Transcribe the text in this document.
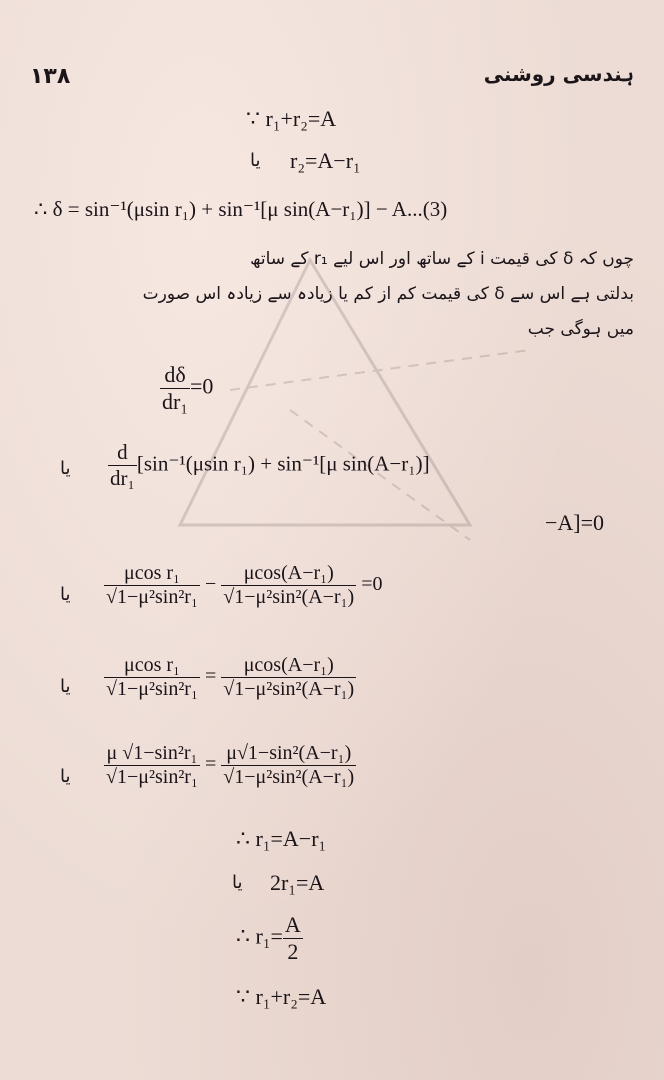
۱۳۸	ہندسی روشنی
∵ r₁+r₂=A
یا r₂=A−r₁
∴ δ = sin⁻¹(μsin r₁) + sin⁻¹[μ sin(A−r₁)] − A...(3)
چوں کہ δ کی قیمت i کے ساتھ اور اس لیے r₁ کے ساتھ
بدلتی ہے اس سے δ کی قیمت کم از کم یا زیادہ سے زیادہ اس صورت
میں ہوگی جب
$\frac{d\delta}{\text{dr₁}} =0$
یا $\frac{d}{\text{dr₁}} [\sin^{-1}(\mu\sin$ r₁) + sin⁻¹[μ sin(A−r₁)]
−A]=0
یا $\frac{\text{μcos r₁}}{\text{√1−μ²sin²r₁}} - \frac{\text{μcos(A−r₁)}}{\text{√1−μ²sin²(A−r₁)}} =0$
یا $\frac{\text{μcos r₁}}{\text{√1−μ²sin²r₁}} = \frac{\text{μcos(A−r₁)}}{\text{√1−μ²sin²(A−r₁)}}$
یا $\frac{\text{μ √1−sin²r₁}}{\text{√1−μ²sin²r₁}} = \frac{\text{μ√1−sin²(A−r₁)}}{\text{√1−μ²sin²(A−r₁)}}$
∴ r₁=A−r₁
یا 2r₁=A
∴ $r_1= \frac{A}{2}$
∵ r₁+r₂=A
